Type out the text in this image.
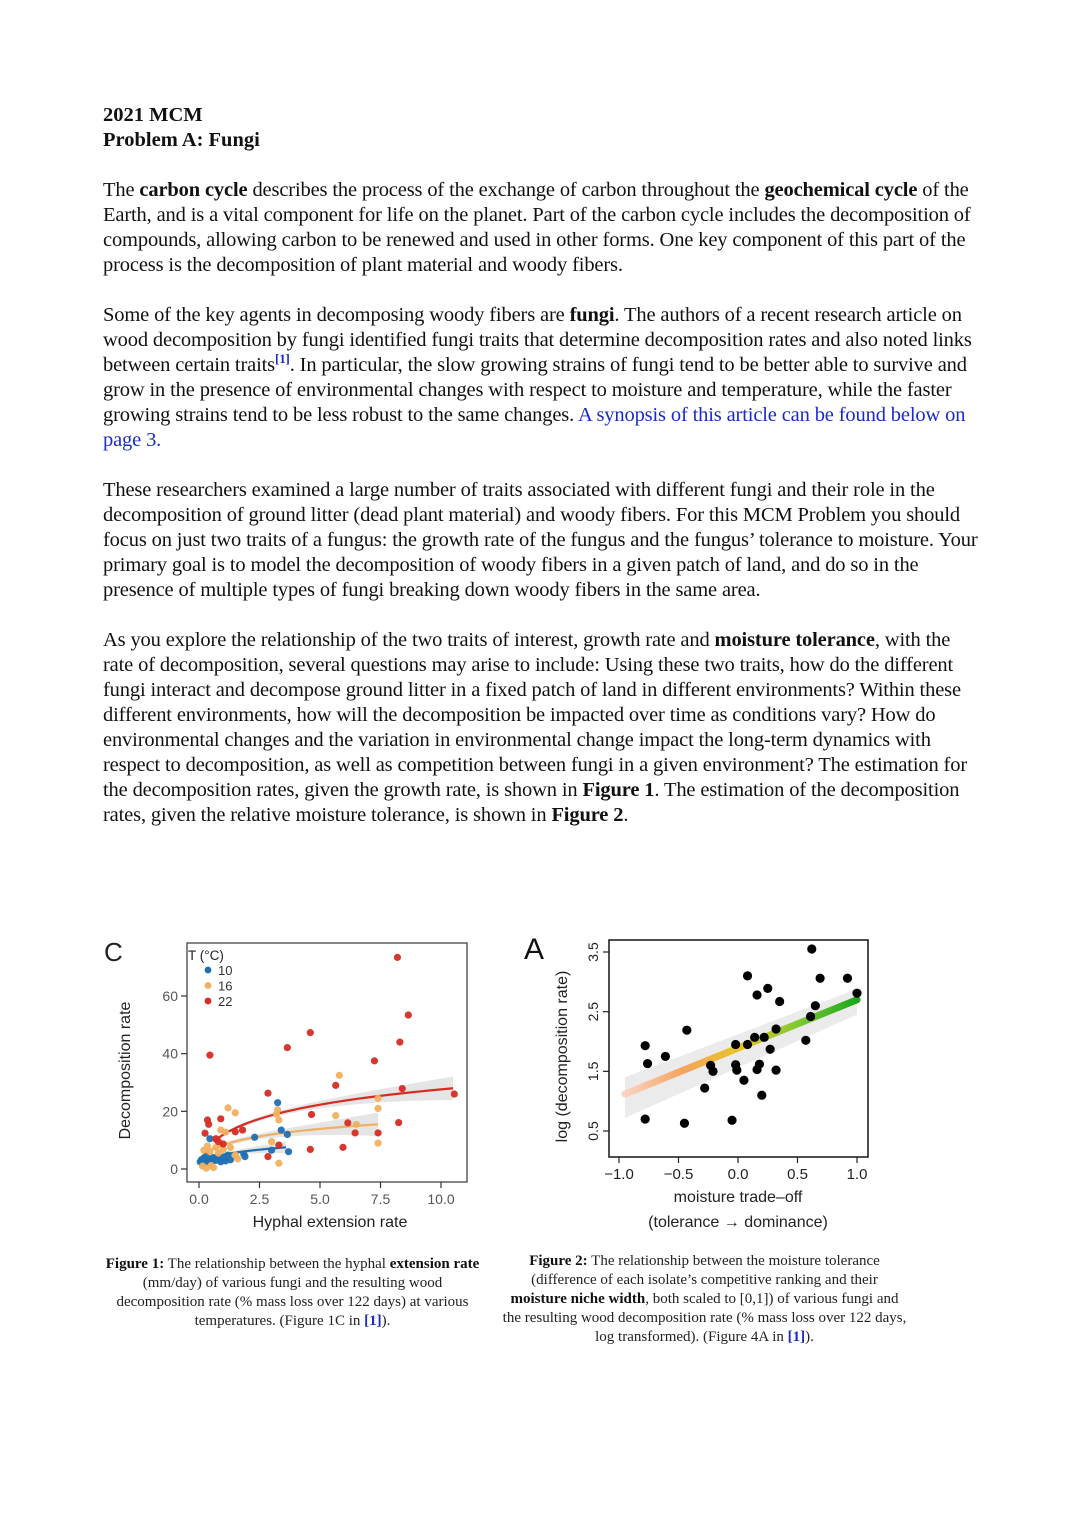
2021 MCM
Problem A: Fungi

The carbon cycle describes the process of the exchange of carbon throughout the geochemical cycle of the Earth, and is a vital component for life on the planet. Part of the carbon cycle includes the decomposition of compounds, allowing carbon to be renewed and used in other forms. One key component of this part of the process is the decomposition of plant material and woody fibers.

Some of the key agents in decomposing woody fibers are fungi. The authors of a recent research article on wood decomposition by fungi identified fungi traits that determine decomposition rates and also noted links between certain traits[1]. In particular, the slow growing strains of fungi tend to be better able to survive and grow in the presence of environmental changes with respect to moisture and temperature, while the faster growing strains tend to be less robust to the same changes. A synopsis of this article can be found below on page 3.

These researchers examined a large number of traits associated with different fungi and their role in the decomposition of ground litter (dead plant material) and woody fibers. For this MCM Problem you should focus on just two traits of a fungus: the growth rate of the fungus and the fungus’ tolerance to moisture. Your primary goal is to model the decomposition of woody fibers in a given patch of land, and do so in the presence of multiple types of fungi breaking down woody fibers in the same area.

As you explore the relationship of the two traits of interest, growth rate and moisture tolerance, with the rate of decomposition, several questions may arise to include: Using these two traits, how do the different fungi interact and decompose ground litter in a fixed patch of land in different environments? Within these different environments, how will the decomposition be impacted over time as conditions vary? How do environmental changes and the variation in environmental change impact the long-term dynamics with respect to decomposition, as well as competition between fungi in a given environment? The estimation for the decomposition rates, given the growth rate, is shown in Figure 1. The estimation of the decomposition rates, given the relative moisture tolerance, is shown in Figure 2.

C
0
20
40
60
0.0	2.5	5.0	7.5	10.0
Hyphal extension rate
Decomposition rate
T (°C)
10
16
22
A
0.5
1.5
2.5
3.5
−1.0 −0.5 0.0	0.5	1.0
moisture trade–off
(tolerance → dominance)
log (decomposition rate)
Figure 1: The relationship between the hyphal extension rate (mm/day) of various fungi and the resulting wood decomposition rate (% mass loss over 122 days) at various temperatures. (Figure 1C in [1]).
Figure 2: The relationship between the moisture tolerance (difference of each isolate’s competitive ranking and their moisture niche width, both scaled to [0,1]) of various fungi and the resulting wood decomposition rate (% mass loss over 122 days, log transformed). (Figure 4A in [1]).
